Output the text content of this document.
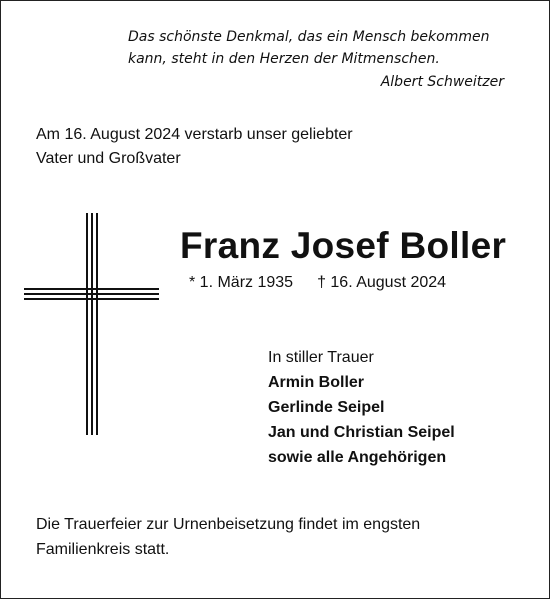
Das schönste Denkmal, das ein Mensch bekommen
kann, steht in den Herzen der Mitmenschen.
Albert Schweitzer
Am 16. August 2024 verstarb unser geliebter
Vater und Großvater
Franz Josef Boller
* 1. März 1935 † 16. August 2024
In stiller Trauer
Armin Boller
Gerlinde Seipel
Jan und Christian Seipel
sowie alle Angehörigen
Die Trauerfeier zur Urnenbeisetzung findet im engsten
Familienkreis statt.
